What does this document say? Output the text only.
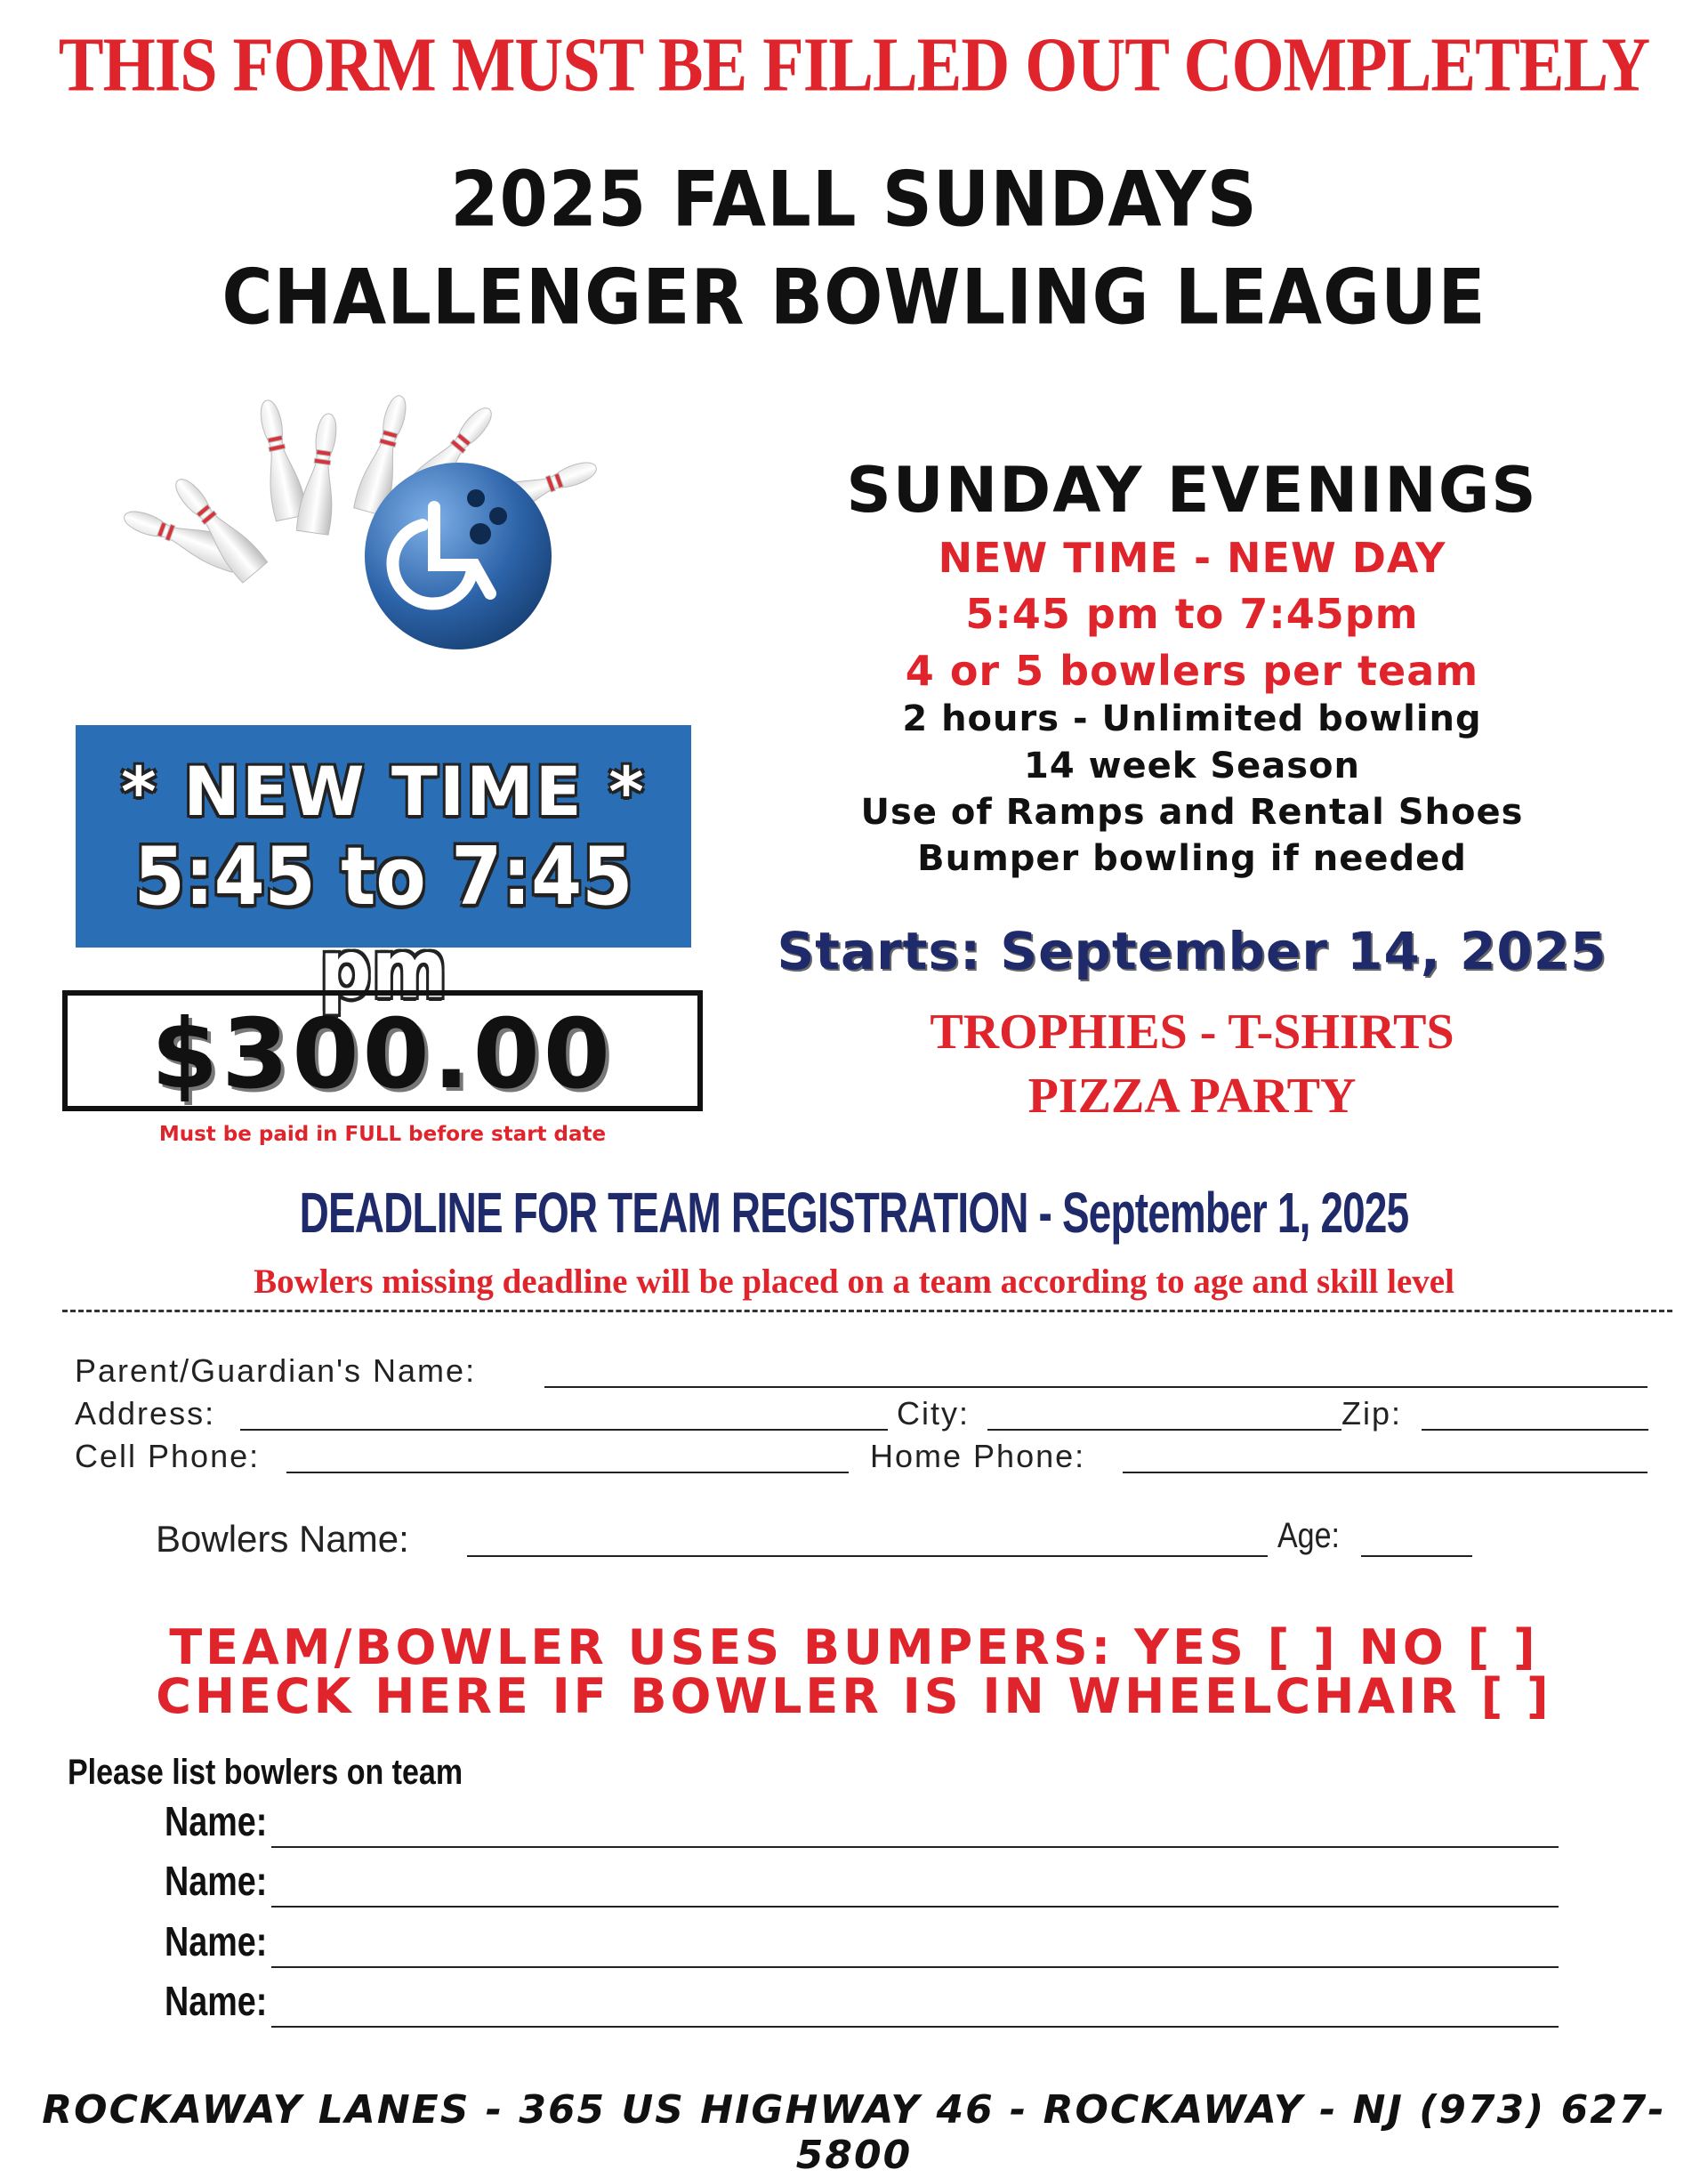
THIS FORM MUST BE FILLED OUT COMPLETELY
2025 FALL SUNDAYS
CHALLENGER BOWLING LEAGUE
* NEW TIME *
5:45 to 7:45 pm
$300.00
Must be paid in FULL before start date
SUNDAY EVENINGS
NEW TIME - NEW DAY
5:45 pm to 7:45pm
4 or 5 bowlers per team
2 hours - Unlimited bowling
14 week Season
Use of Ramps and Rental Shoes
Bumper bowling if needed
Starts: September 14, 2025
TROPHIES - T-SHIRTS
PIZZA PARTY
DEADLINE FOR TEAM REGISTRATION - September 1, 2025
Bowlers missing deadline will be placed on a team according to age and skill level
Parent/Guardian's Name:
Address:	City:	Zip:
Cell Phone:	Home Phone:
Bowlers Name:	Age:
TEAM/BOWLER USES BUMPERS: YES [ ] NO [ ]
CHECK HERE IF BOWLER IS IN WHEELCHAIR [ ]
Please list bowlers on team
Name:
Name:
Name:
Name:
ROCKAWAY LANES - 365 US HIGHWAY 46 - ROCKAWAY - NJ (973) 627-5800
